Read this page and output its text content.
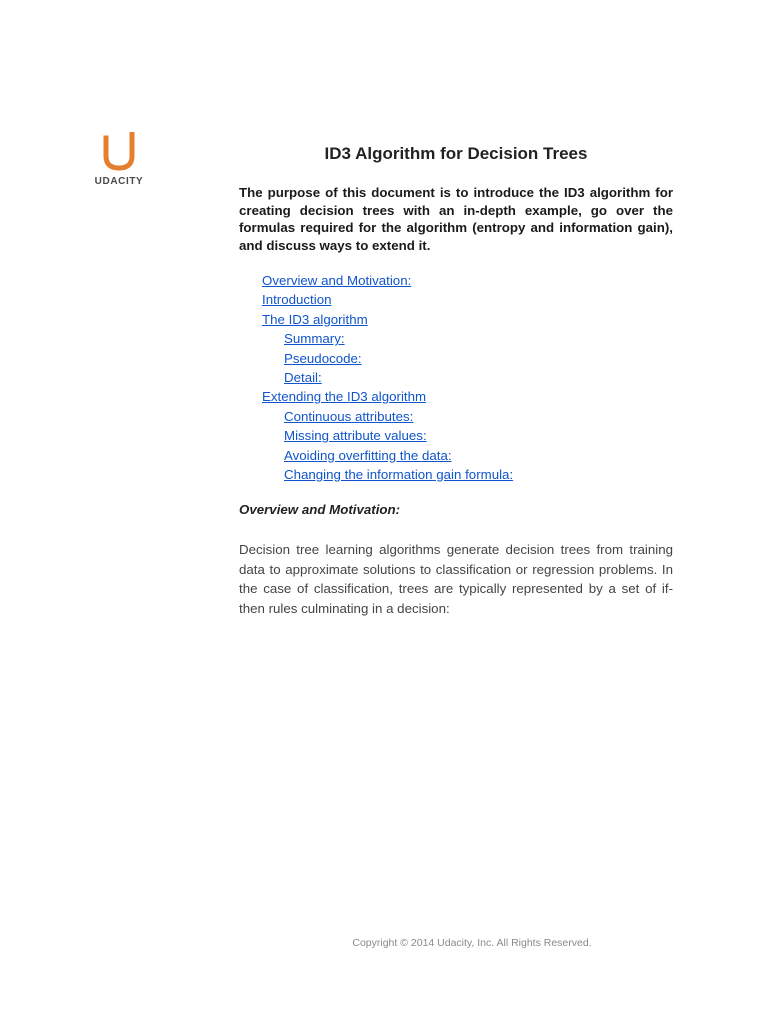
UDACITY
ID3 Algorithm for Decision Trees

The purpose of this document is to introduce the ID3 algorithm for creating decision trees with an in-depth example, go over the formulas required for the algorithm (entropy and information gain), and discuss ways to extend it.

Overview and Motivation:
Introduction
The ID3 algorithm
Summary:
Pseudocode:
Detail:
Extending the ID3 algorithm
Continuous attributes:
Missing attribute values:
Avoiding overfitting the data:
Changing the information gain formula:

Overview and Motivation:

Decision tree learning algorithms generate decision trees from training data to approximate solutions to classification or regression problems. In the case of classification, trees are typically represented by a set of if-then rules culminating in a decision:

Copyright © 2014 Udacity, Inc. All Rights Reserved.
